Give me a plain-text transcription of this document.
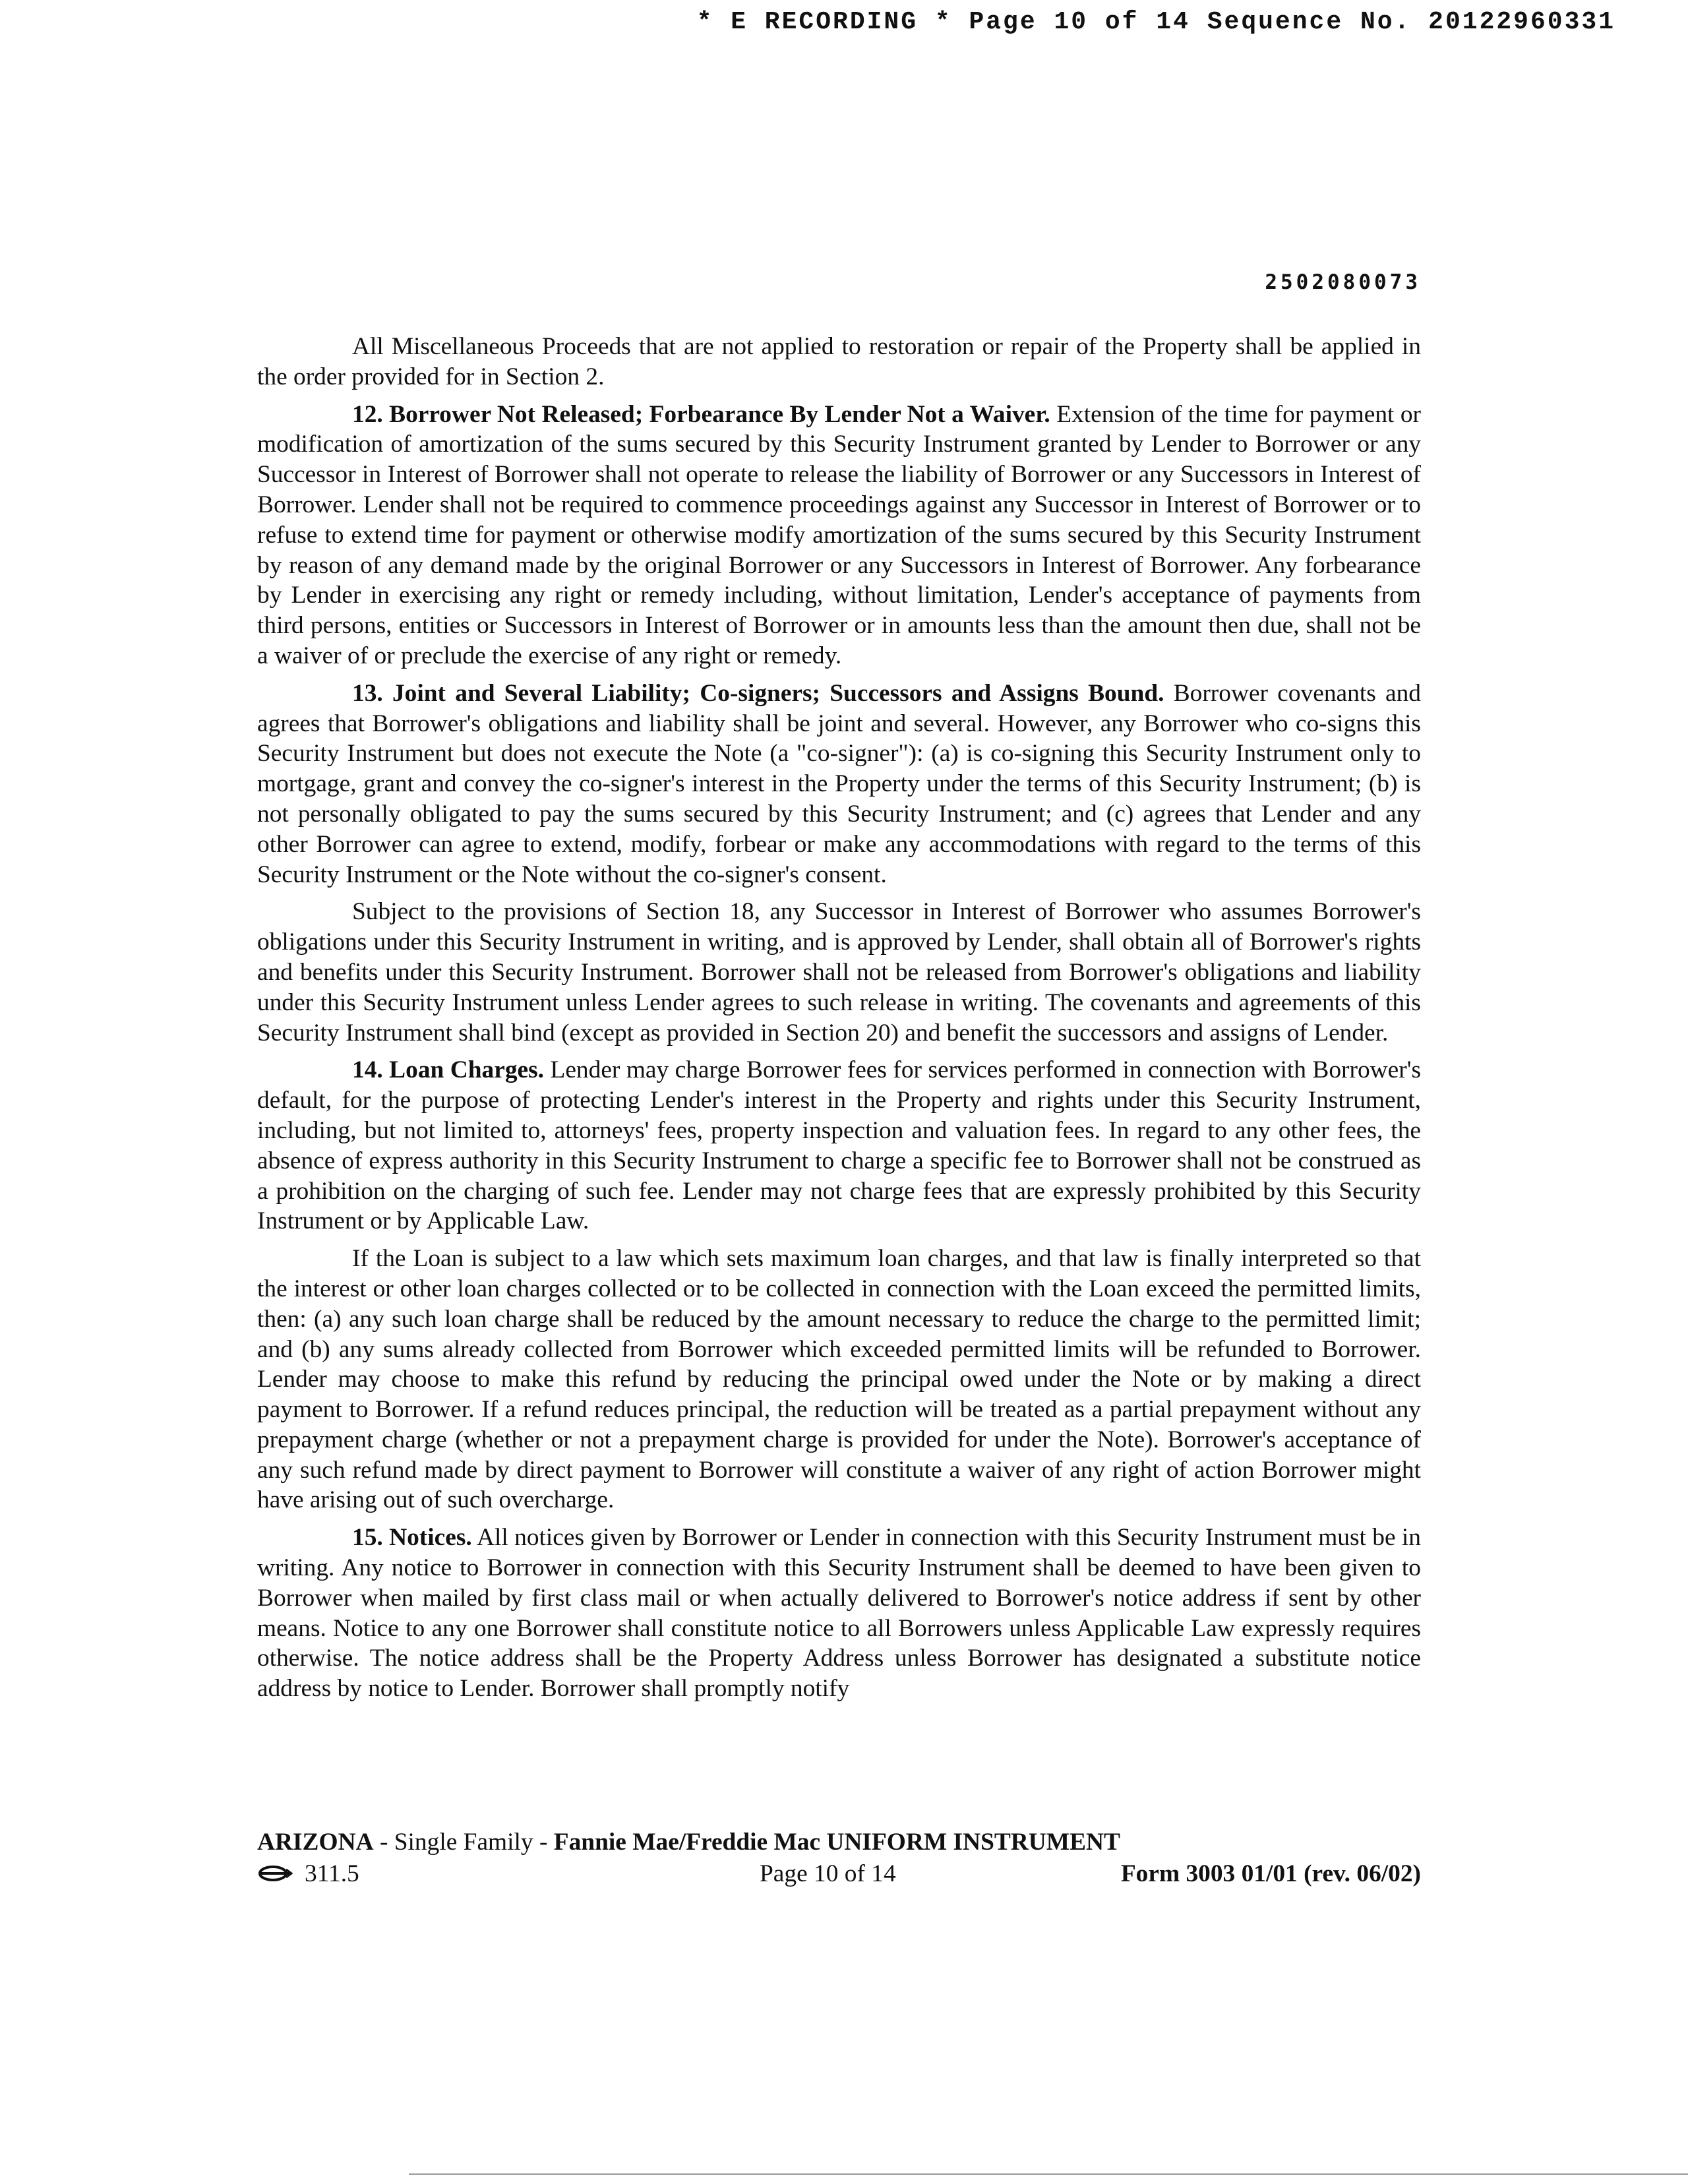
* E RECORDING * Page 10 of 14 Sequence No. 20122960331
2502080073

All Miscellaneous Proceeds that are not applied to restoration or repair of the Property shall be applied in the order provided for in Section 2.

12. Borrower Not Released; Forbearance By Lender Not a Waiver. Extension of the time for payment or modification of amortization of the sums secured by this Security Instrument granted by Lender to Borrower or any Successor in Interest of Borrower shall not operate to release the liability of Borrower or any Successors in Interest of Borrower. Lender shall not be required to commence proceedings against any Successor in Interest of Borrower or to refuse to extend time for payment or otherwise modify amortization of the sums secured by this Security Instrument by reason of any demand made by the original Borrower or any Successors in Interest of Borrower. Any forbearance by Lender in exercising any right or remedy including, without limitation, Lender's acceptance of payments from third persons, entities or Successors in Interest of Borrower or in amounts less than the amount then due, shall not be a waiver of or preclude the exercise of any right or remedy.

13. Joint and Several Liability; Co-signers; Successors and Assigns Bound. Borrower covenants and agrees that Borrower's obligations and liability shall be joint and several. However, any Borrower who co-signs this Security Instrument but does not execute the Note (a "co-signer"): (a) is co-signing this Security Instrument only to mortgage, grant and convey the co-signer's interest in the Property under the terms of this Security Instrument; (b) is not personally obligated to pay the sums secured by this Security Instrument; and (c) agrees that Lender and any other Borrower can agree to extend, modify, forbear or make any accommodations with regard to the terms of this Security Instrument or the Note without the co-signer's consent.

Subject to the provisions of Section 18, any Successor in Interest of Borrower who assumes Borrower's obligations under this Security Instrument in writing, and is approved by Lender, shall obtain all of Borrower's rights and benefits under this Security Instrument. Borrower shall not be released from Borrower's obligations and liability under this Security Instrument unless Lender agrees to such release in writing. The covenants and agreements of this Security Instrument shall bind (except as provided in Section 20) and benefit the successors and assigns of Lender.

14. Loan Charges. Lender may charge Borrower fees for services performed in connection with Borrower's default, for the purpose of protecting Lender's interest in the Property and rights under this Security Instrument, including, but not limited to, attorneys' fees, property inspection and valuation fees. In regard to any other fees, the absence of express authority in this Security Instrument to charge a specific fee to Borrower shall not be construed as a prohibition on the charging of such fee. Lender may not charge fees that are expressly prohibited by this Security Instrument or by Applicable Law.

If the Loan is subject to a law which sets maximum loan charges, and that law is finally interpreted so that the interest or other loan charges collected or to be collected in connection with the Loan exceed the permitted limits, then: (a) any such loan charge shall be reduced by the amount necessary to reduce the charge to the permitted limit; and (b) any sums already collected from Borrower which exceeded permitted limits will be refunded to Borrower. Lender may choose to make this refund by reducing the principal owed under the Note or by making a direct payment to Borrower. If a refund reduces principal, the reduction will be treated as a partial prepayment without any prepayment charge (whether or not a prepayment charge is provided for under the Note). Borrower's acceptance of any such refund made by direct payment to Borrower will constitute a waiver of any right of action Borrower might have arising out of such overcharge.

15. Notices. All notices given by Borrower or Lender in connection with this Security Instrument must be in writing. Any notice to Borrower in connection with this Security Instrument shall be deemed to have been given to Borrower when mailed by first class mail or when actually delivered to Borrower's notice address if sent by other means. Notice to any one Borrower shall constitute notice to all Borrowers unless Applicable Law expressly requires otherwise. The notice address shall be the Property Address unless Borrower has designated a substitute notice address by notice to Lender. Borrower shall promptly notify

ARIZONA - Single Family - Fannie Mae/Freddie Mac UNIFORM INSTRUMENT
311.5	Page 10 of 14	Form 3003 01/01 (rev. 06/02)
